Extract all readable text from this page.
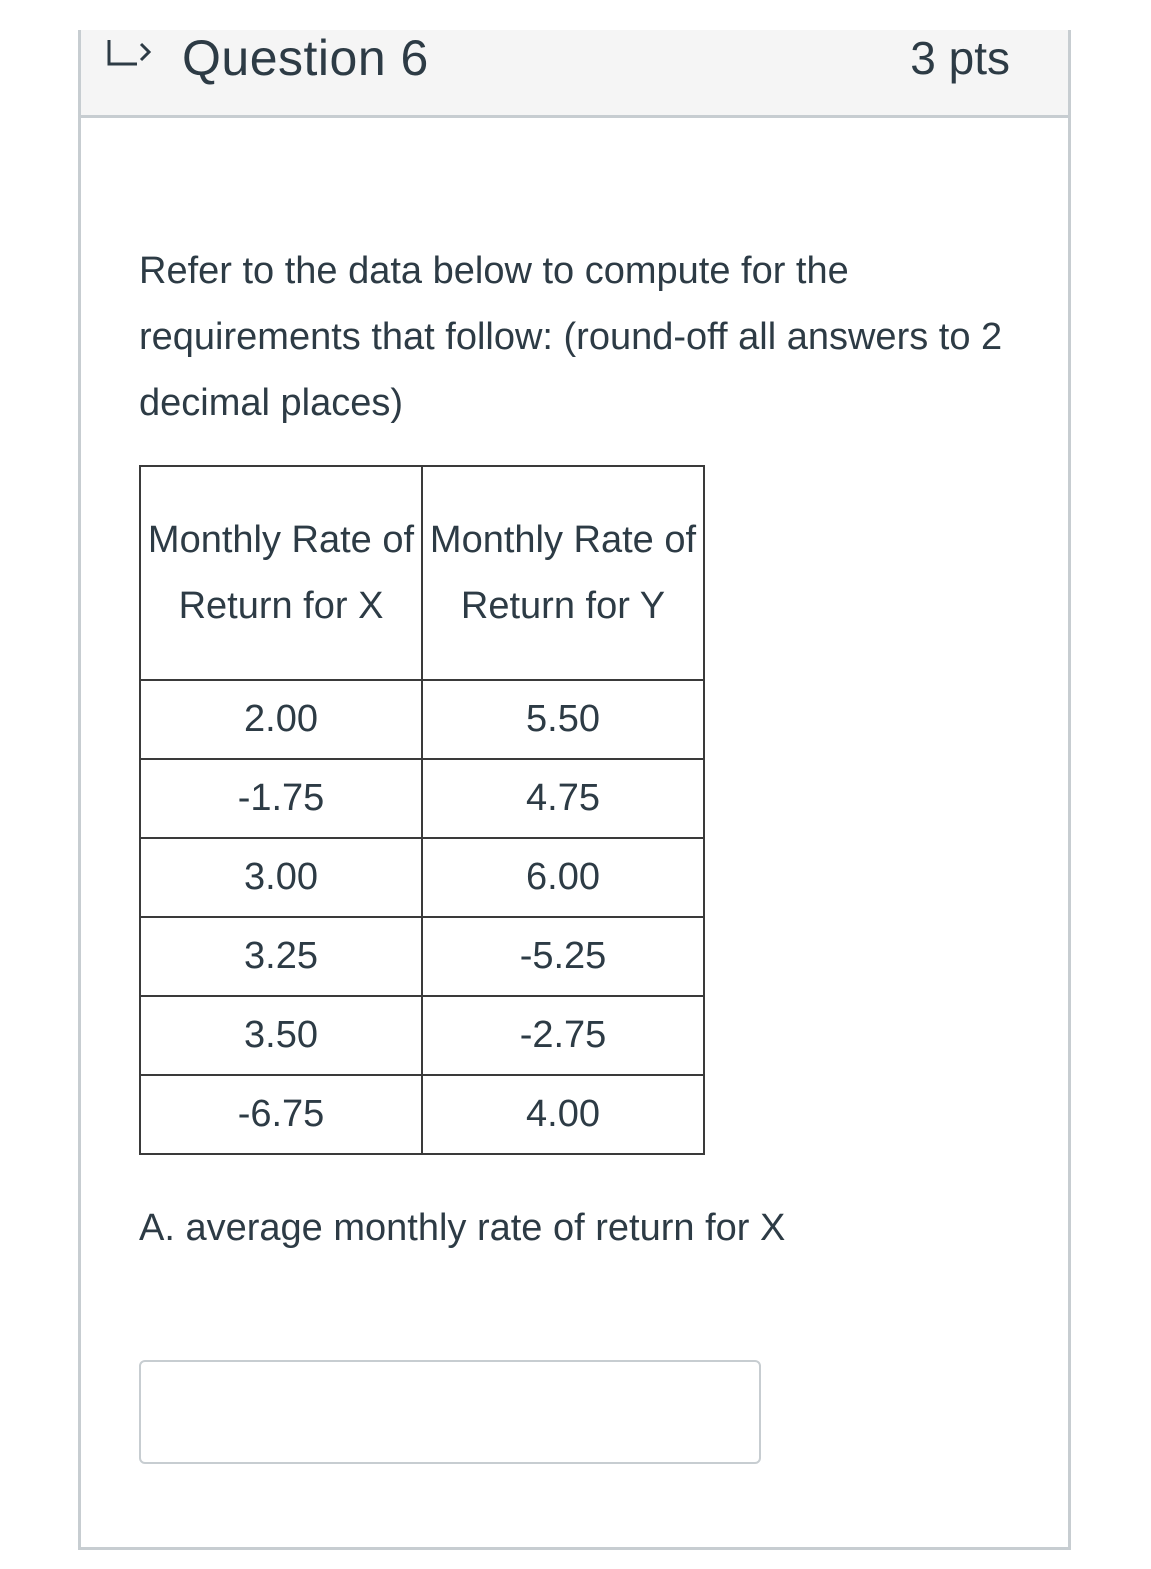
Question 6	3 pts

Refer to the data below to compute for the requirements that follow: (round-off all answers to 2 decimal places)

Monthly Rate of Return for X	Monthly Rate of Return for Y
2.00	5.50
-1.75	4.75
3.00	6.00
3.25	-5.25
3.50	-2.75
-6.75	4.00
A. average monthly rate of return for X
